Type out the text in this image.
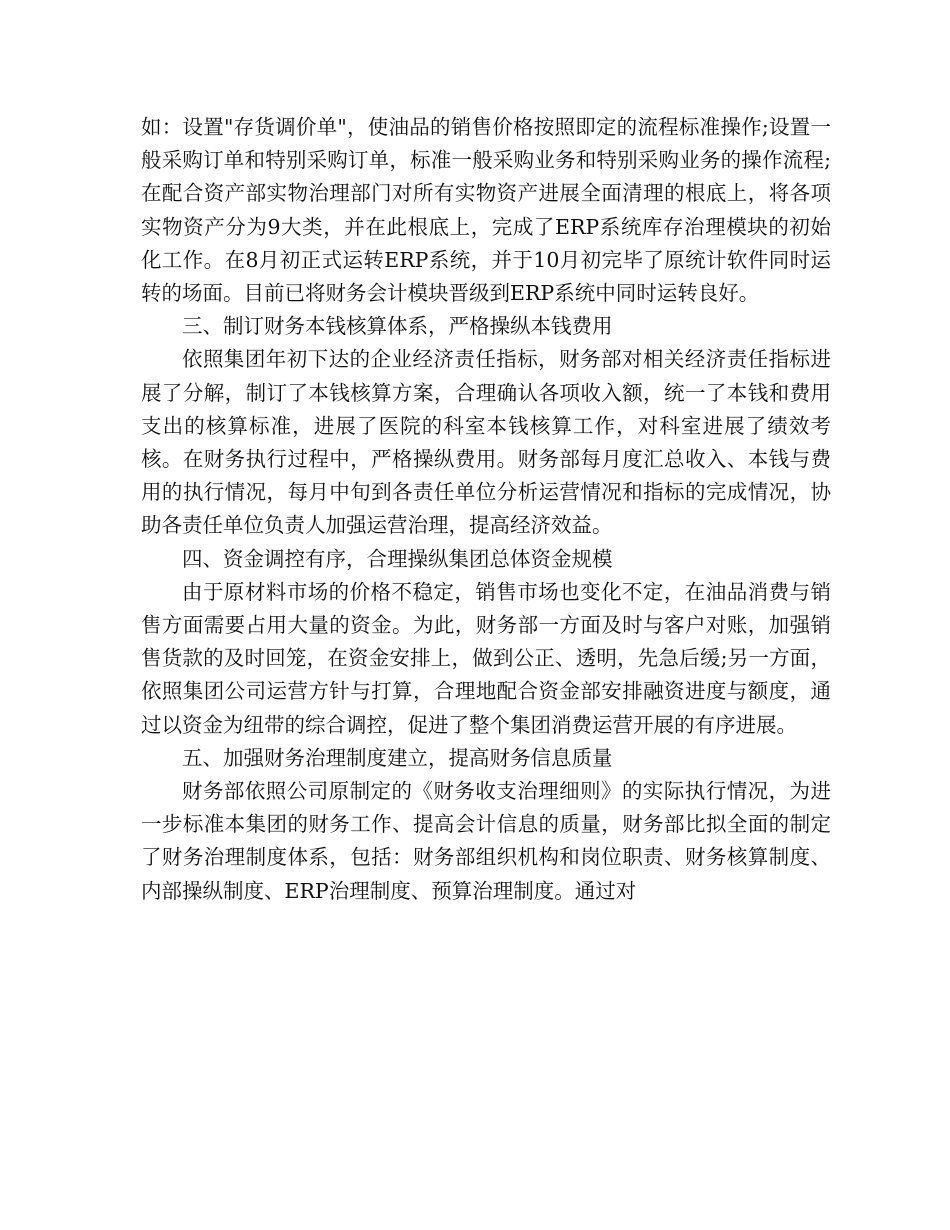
如：设置"存货调价单"，使油品的销售价格按照即定的流程标准操作;设置一般采购订单和特别采购订单，标准一般采购业务和特别采购业务的操作流程;在配合资产部实物治理部门对所有实物资产进展全面清理的根底上，将各项实物资产分为9大类，并在此根底上，完成了ERP系统库存治理模块的初始化工作。在8月初正式运转ERP系统，并于10月初完毕了原统计软件同时运转的场面。目前已将财务会计模块晋级到ERP系统中同时运转良好。

三、制订财务本钱核算体系，严格操纵本钱费用

依照集团年初下达的企业经济责任指标，财务部对相关经济责任指标进展了分解，制订了本钱核算方案，合理确认各项收入额，统一了本钱和费用支出的核算标准，进展了医院的科室本钱核算工作，对科室进展了绩效考核。在财务执行过程中，严格操纵费用。财务部每月度汇总收入、本钱与费用的执行情况，每月中旬到各责任单位分析运营情况和指标的完成情况，协助各责任单位负责人加强运营治理，提高经济效益。

四、资金调控有序，合理操纵集团总体资金规模

由于原材料市场的价格不稳定，销售市场也变化不定，在油品消费与销售方面需要占用大量的资金。为此，财务部一方面及时与客户对账，加强销售货款的及时回笼，在资金安排上，做到公正、透明，先急后缓;另一方面，依照集团公司运营方针与打算，合理地配合资金部安排融资进度与额度，通过以资金为纽带的综合调控，促进了整个集团消费运营开展的有序进展。

五、加强财务治理制度建立，提高财务信息质量

财务部依照公司原制定的《财务收支治理细则》的实际执行情况，为进一步标准本集团的财务工作、提高会计信息的质量，财务部比拟全面的制定了财务治理制度体系，包括：财务部组织机构和岗位职责、财务核算制度、内部操纵制度、ERP治理制度、预算治理制度。通过对
